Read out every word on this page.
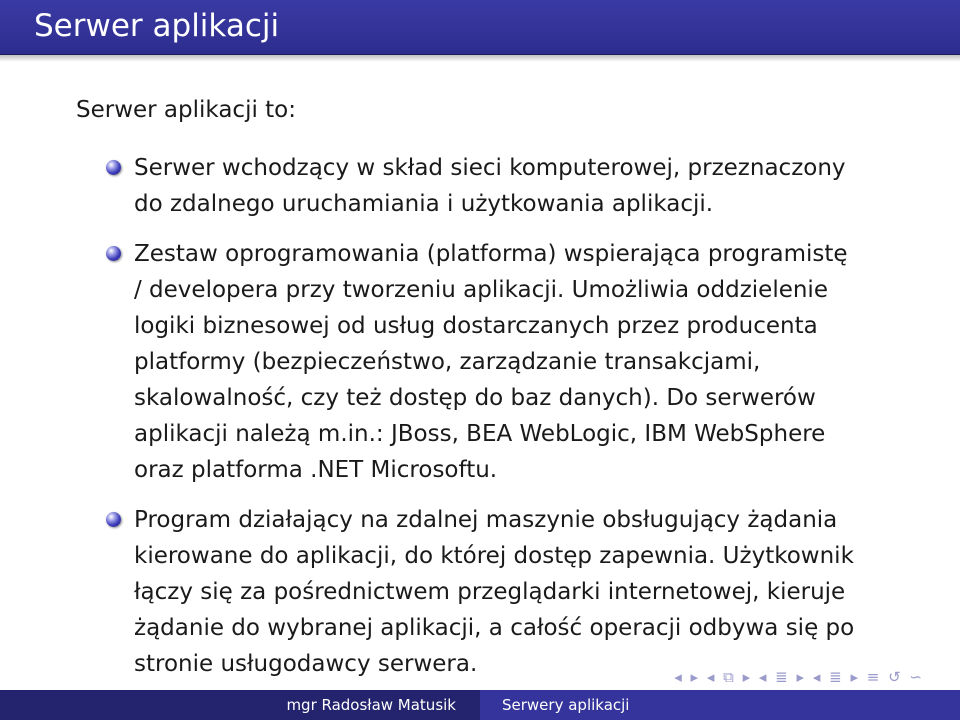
Serwer aplikacji

Serwer aplikacji to:

Serwer wchodzący w skład sieci komputerowej, przeznaczony
do zdalnego uruchamiania i użytkowania aplikacji.
Zestaw oprogramowania (platforma) wspierająca programistę
/ developera przy tworzeniu aplikacji. Umożliwia oddzielenie
logiki biznesowej od usług dostarczanych przez producenta
platformy (bezpieczeństwo, zarządzanie transakcjami,
skalowalność, czy też dostęp do baz danych). Do serwerów
aplikacji należą m.in.: JBoss, BEA WebLogic, IBM WebSphere
oraz platforma .NET Microsoftu.
Program działający na zdalnej maszynie obsługujący żądania
kierowane do aplikacji, do której dostęp zapewnia. Użytkownik
łączy się za pośrednictwem przeglądarki internetowej, kieruje
żądanie do wybranej aplikacji, a całość operacji odbywa się po
stronie usługodawcy serwera.	◂ ▸ ◂ ⧉ ▸ ◂ ≣ ▸ ◂ ≣ ▸ ≡ ↺ ∽
mgr Radosław Matusik	Serwery aplikacji
